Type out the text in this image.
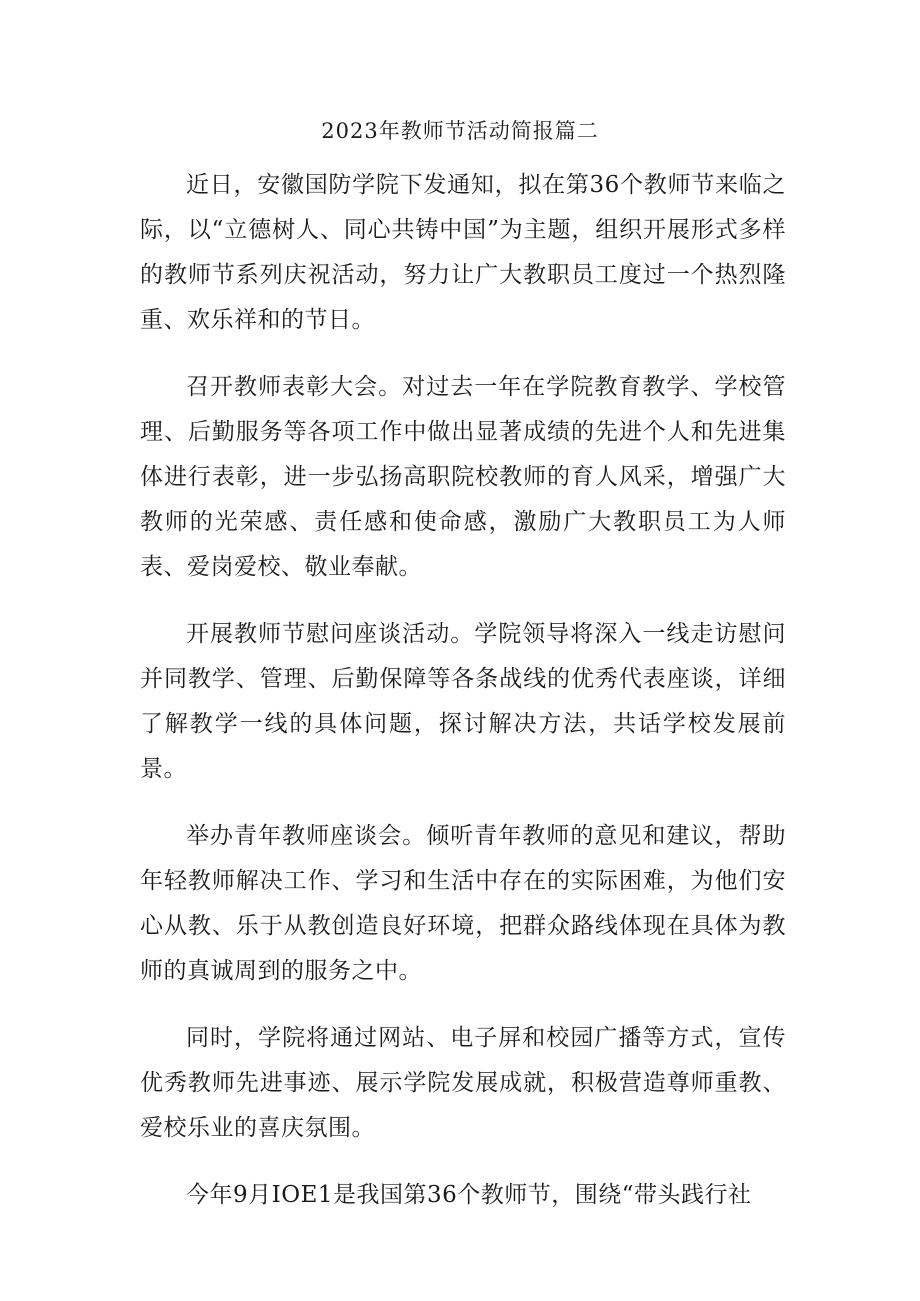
2023年教师节活动简报篇二

近日，安徽国防学院下发通知，拟在第36个教师节来临之际，以“立德树人、同心共铸中国”为主题，组织开展形式多样的教师节系列庆祝活动，努力让广大教职员工度过一个热烈隆重、欢乐祥和的节日。

召开教师表彰大会。对过去一年在学院教育教学、学校管理、后勤服务等各项工作中做出显著成绩的先进个人和先进集体进行表彰，进一步弘扬高职院校教师的育人风采，增强广大教师的光荣感、责任感和使命感，激励广大教职员工为人师表、爱岗爱校、敬业奉献。

开展教师节慰问座谈活动。学院领导将深入一线走访慰问并同教学、管理、后勤保障等各条战线的优秀代表座谈，详细了解教学一线的具体问题，探讨解决方法，共话学校发展前景。

举办青年教师座谈会。倾听青年教师的意见和建议，帮助年轻教师解决工作、学习和生活中存在的实际困难，为他们安心从教、乐于从教创造良好环境，把群众路线体现在具体为教师的真诚周到的服务之中。

同时，学院将通过网站、电子屏和校园广播等方式，宣传优秀教师先进事迹、展示学院发展成就，积极营造尊师重教、爱校乐业的喜庆氛围。

今年9月IOE1是我国第36个教师节，围绕“带头践行社
